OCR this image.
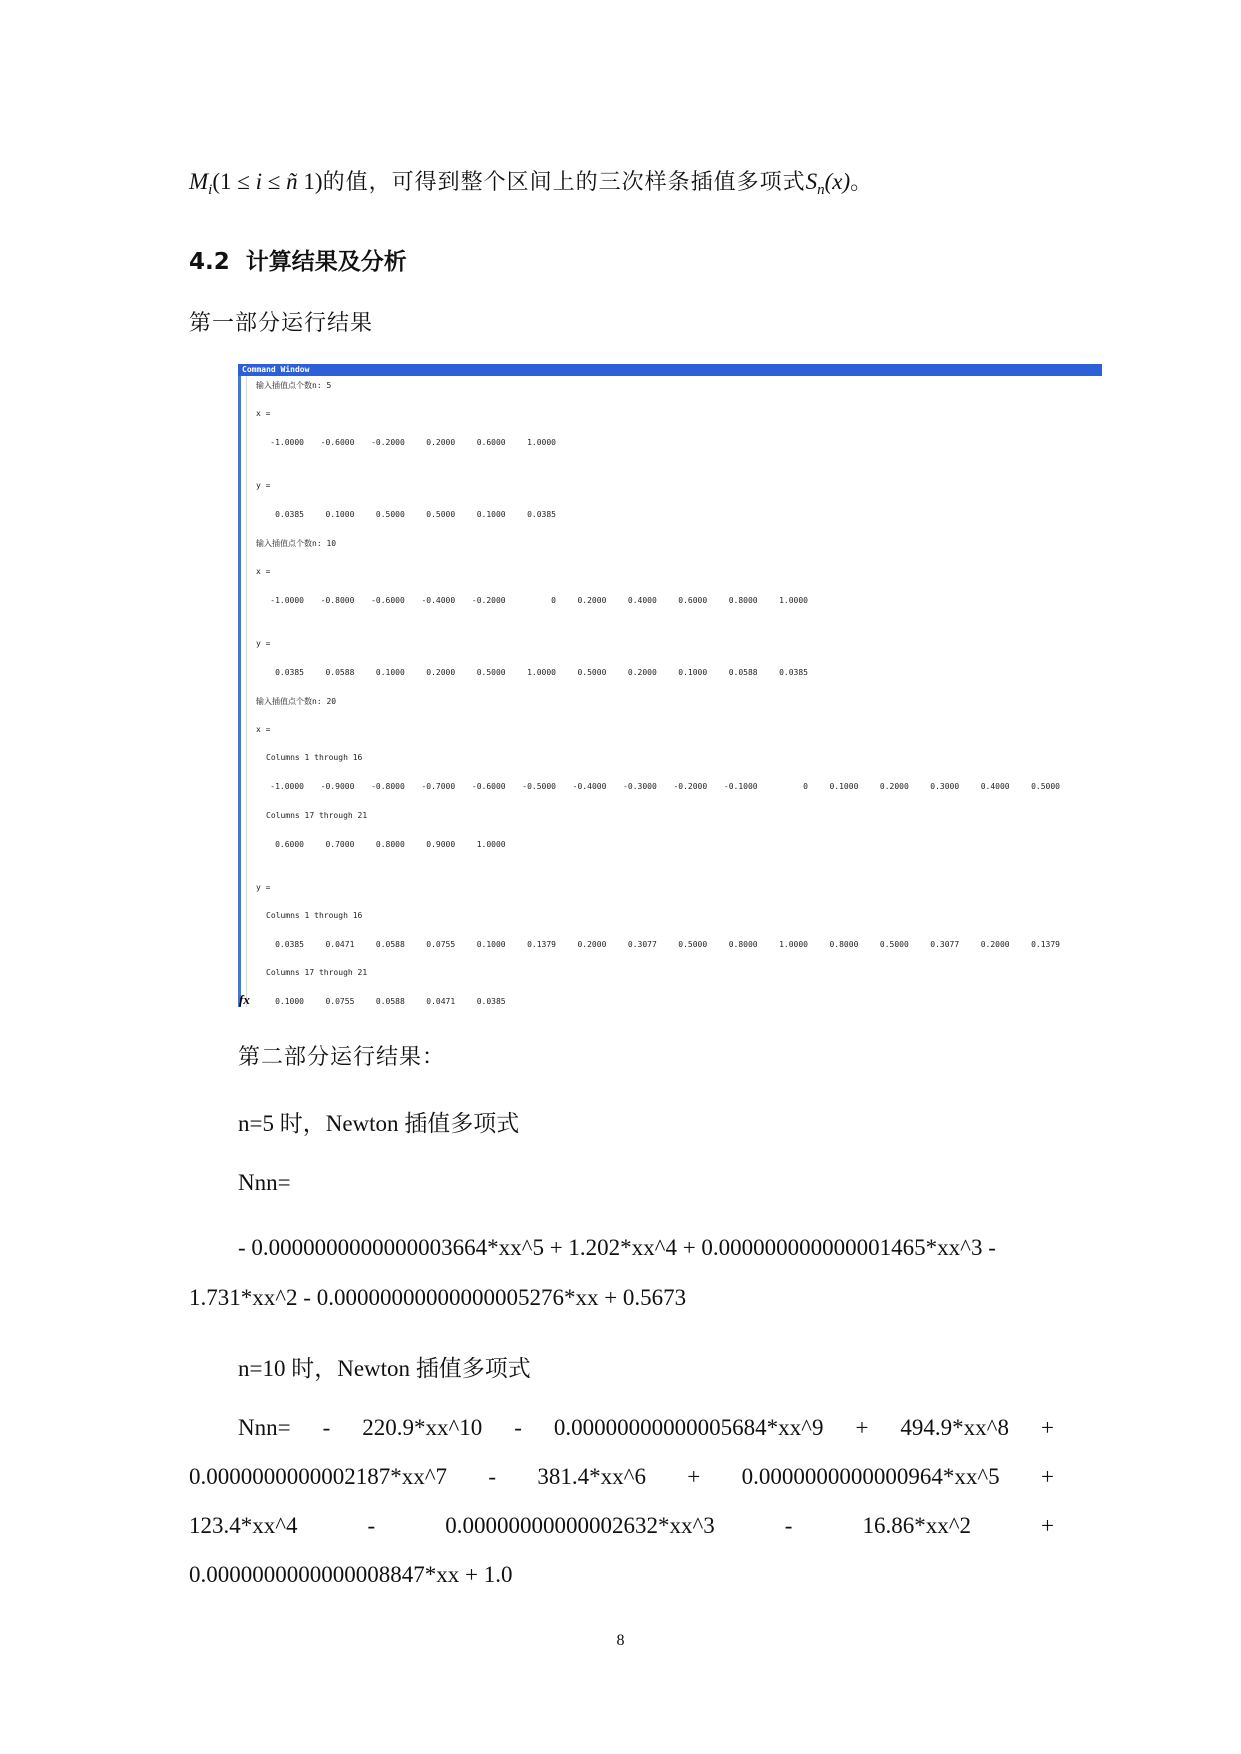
$M_i(1 \le i$ ≤ ñ 1)的值，可得到整个区间上的三次样条插值多项式$S_n(x)$。
4.2 计算结果及分析
第一部分运行结果
Command Window
输入插值点个数n: 5
x =
-1.0000	-0.6000	-0.2000	0.2000	0.6000	1.0000
y =
0.0385	0.1000	0.5000	0.5000	0.1000	0.0385
输入插值点个数n: 10
x =
-1.0000	-0.8000	-0.6000	-0.4000	-0.2000	0	0.2000	0.4000	0.6000	0.8000	1.0000
y =
0.0385	0.0588	0.1000	0.2000	0.5000	1.0000	0.5000	0.2000	0.1000	0.0588	0.0385
输入插值点个数n: 20
x =
Columns 1 through 16
-1.0000	-0.9000	-0.8000	-0.7000	-0.6000	-0.5000	-0.4000	-0.3000	-0.2000	-0.1000	0	0.1000	0.2000	0.3000	0.4000	0.5000
Columns 17 through 21
0.6000	0.7000	0.8000	0.9000	1.0000
y =
Columns 1 through 16
0.0385	0.0471	0.0588	0.0755	0.1000	0.1379	0.2000	0.3077	0.5000	0.8000	1.0000	0.8000	0.5000	0.3077	0.2000	0.1379
Columns 17 through 21
0.1000	0.0755	0.0588	0.0471	0.0385
fx
第二部分运行结果：
n=5 时，Newton 插值多项式
Nnn=
- 0.0000000000000003664*xx^5 + 1.202*xx^4 + 0.000000000000001465*xx^3 -
1.731*xx^2 - 0.00000000000000005276*xx + 0.5673
n=10 时，Newton 插值多项式
Nnn= - 220.9*xx^10 - 0.00000000000005684*xx^9 + 494.9*xx^8 +
0.0000000000002187*xx^7 - 381.4*xx^6 + 0.0000000000000964*xx^5 +
123.4*xx^4	-	0.00000000000002632*xx^3	-	16.86*xx^2	+
0.0000000000000008847*xx + 1.0
8
